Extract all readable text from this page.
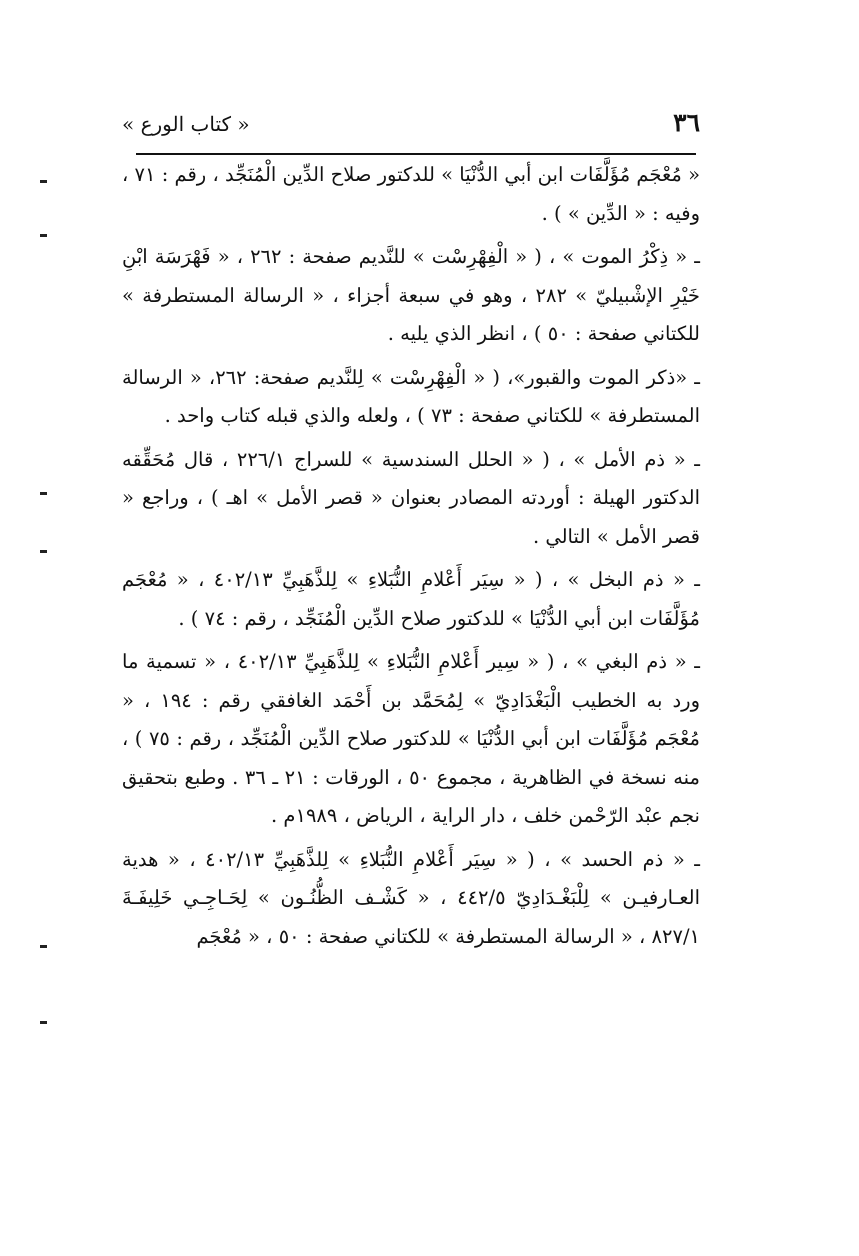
٣٦
« كتاب الورع »

« مُعْجَم مُؤَلَّفَات ابن أبي الدُّنْيَا » للدكتور صلاح الدِّين الْمُنَجِّد ، رقم : ٧١ ، وفيه : « الدِّين » ) .

ـ « ذِكْرُ الموت » ، ( « الْفِهْرِسْت » للنَّديم صفحة : ٢٦٢ ، « فَهْرَسَة ابْنِ خَيْرِ الإشْبيليّ » ٢٨٢ ، وهو في سبعة أجزاء ، « الرسالة المستطرفة » للكتاني صفحة : ٥٠ ) ، انظر الذي يليه .

ـ «ذكر الموت والقبور»، ( « الْفِهْرِسْت » لِلنَّديم صفحة: ٢٦٢، « الرسالة المستطرفة » للكتاني صفحة : ٧٣ ) ، ولعله والذي قبله كتاب واحد .

ـ « ذم الأمل » ، ( « الحلل السندسية » للسراج ٢٢٦/١ ، قال مُحَقِّقه الدكتور الهيلة : أوردته المصادر بعنوان « قصر الأمل » اهـ ) ، وراجع « قصر الأمل » التالي .

ـ « ذم البخل » ، ( « سِيَر أَعْلامِ النُّبَلاءِ » لِلذَّهَبِيِّ ٤٠٢/١٣ ، « مُعْجَم مُؤَلَّفَات ابن أبي الدُّنْيَا » للدكتور صلاح الدِّين الْمُنَجِّد ، رقم : ٧٤ ) .

ـ « ذم البغي » ، ( « سِير أَعْلامِ النُّبَلاءِ » لِلذَّهَبِيِّ ٤٠٢/١٣ ، « تسمية ما ورد به الخطيب الْبَغْدَادِيّ » لِمُحَمَّد بن أَحْمَد الغافقي رقم : ١٩٤ ، « مُعْجَم مُؤَلَّفَات ابن أبي الدُّنْيَا » للدكتور صلاح الدِّين الْمُنَجِّد ، رقم : ٧٥ ) ، منه نسخة في الظاهرية ، مجموع ٥٠ ، الورقات : ٢١ ـ ٣٦ . وطبع بتحقيق نجم عبْد الرّحْمن خلف ، دار الراية ، الرياض ، ١٩٨٩م .

ـ « ذم الحسد » ، ( « سِيَر أَعْلامِ النُّبَلاءِ » لِلذَّهَبِيِّ ٤٠٢/١٣ ، « هدية العـارفيـن » لِلْبَغْـدَادِيّ ٤٤٢/٥ ، « كَشْـف الظُّنُـون » لِحَـاجِـي خَلِيفَـةَ ٨٢٧/١ ، « الرسالة المستطرفة » للكتاني صفحة : ٥٠ ، « مُعْجَم
